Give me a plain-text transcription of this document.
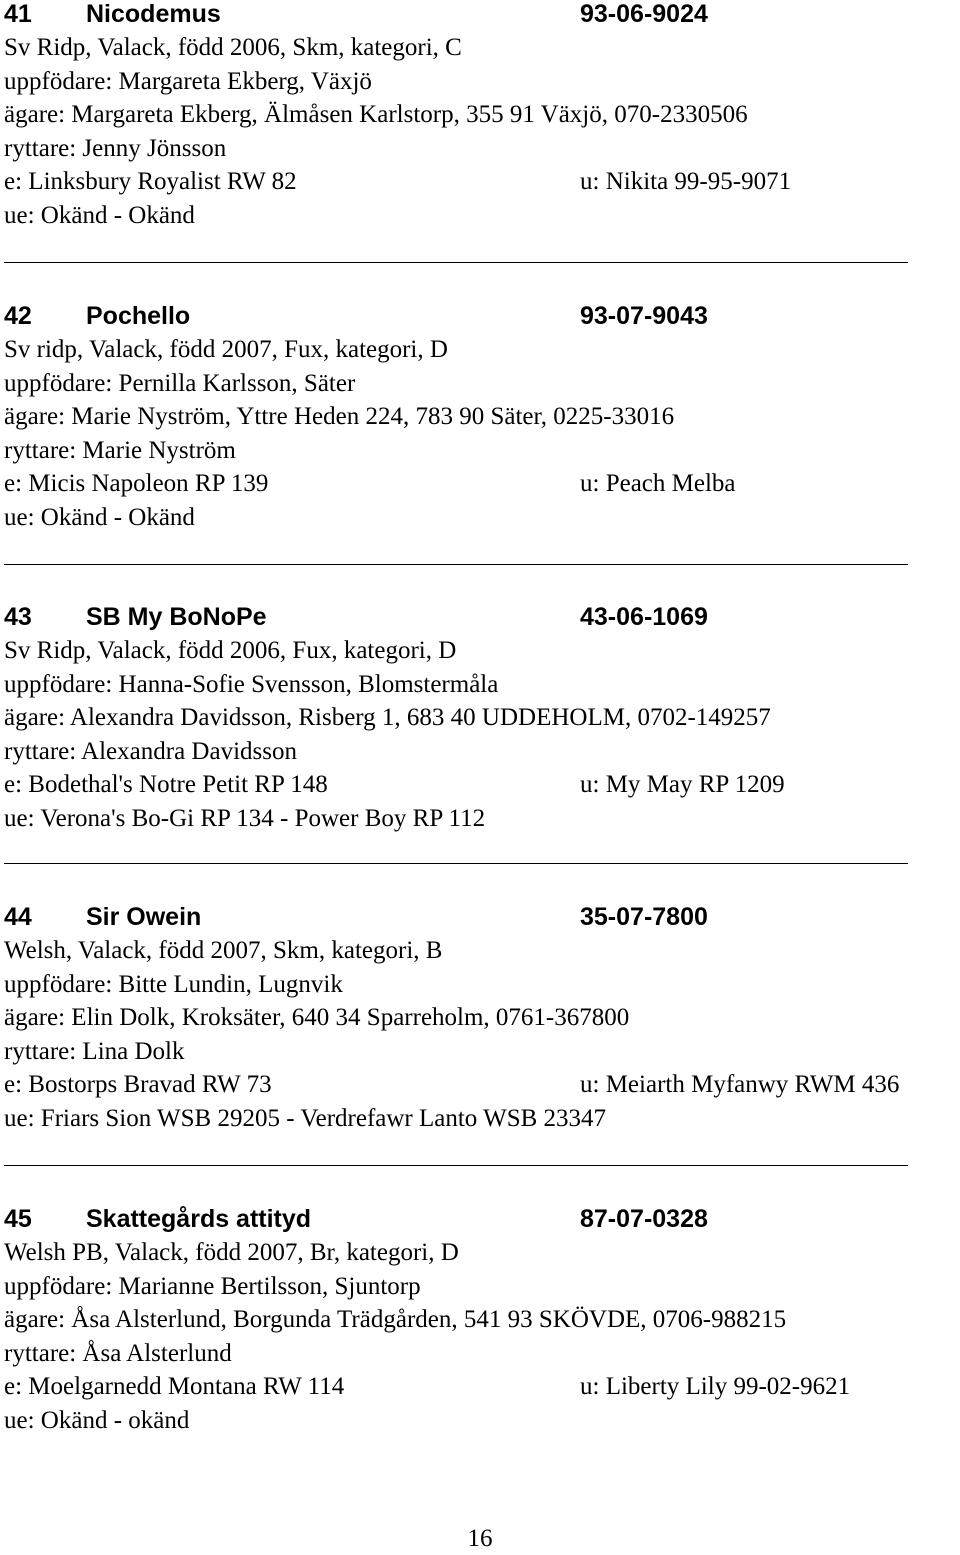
41 Nicodemus	93-06-9024
Sv Ridp, Valack, född 2006, Skm, kategori, C
uppfödare: Margareta Ekberg, Växjö
ägare: Margareta Ekberg, Älmåsen Karlstorp, 355 91 Växjö, 070-2330506
ryttare: Jenny Jönsson
e: Linksbury Royalist RW 82	u: Nikita 99-95-9071
ue: Okänd - Okänd
42 Pochello	93-07-9043
Sv ridp, Valack, född 2007, Fux, kategori, D
uppfödare: Pernilla Karlsson, Säter
ägare: Marie Nyström, Yttre Heden 224, 783 90 Säter, 0225-33016
ryttare: Marie Nyström
e: Micis Napoleon RP 139	u: Peach Melba
ue: Okänd - Okänd
43 SB My BoNoPe	43-06-1069
Sv Ridp, Valack, född 2006, Fux, kategori, D
uppfödare: Hanna-Sofie Svensson, Blomstermåla
ägare: Alexandra Davidsson, Risberg 1, 683 40 UDDEHOLM, 0702-149257
ryttare: Alexandra Davidsson
e: Bodethal's Notre Petit RP 148	u: My May RP 1209
ue: Verona's Bo-Gi RP 134 - Power Boy RP 112
44 Sir Owein	35-07-7800
Welsh, Valack, född 2007, Skm, kategori, B
uppfödare: Bitte Lundin, Lugnvik
ägare: Elin Dolk, Kroksäter, 640 34 Sparreholm, 0761-367800
ryttare: Lina Dolk
e: Bostorps Bravad RW 73	u: Meiarth Myfanwy RWM 436
ue: Friars Sion WSB 29205 - Verdrefawr Lanto WSB 23347
45 Skattegårds attityd	87-07-0328
Welsh PB, Valack, född 2007, Br, kategori, D
uppfödare: Marianne Bertilsson, Sjuntorp
ägare: Åsa Alsterlund, Borgunda Trädgården, 541 93 SKÖVDE, 0706-988215
ryttare: Åsa Alsterlund
e: Moelgarnedd Montana RW 114	u: Liberty Lily 99-02-9621
ue: Okänd - okänd
16
